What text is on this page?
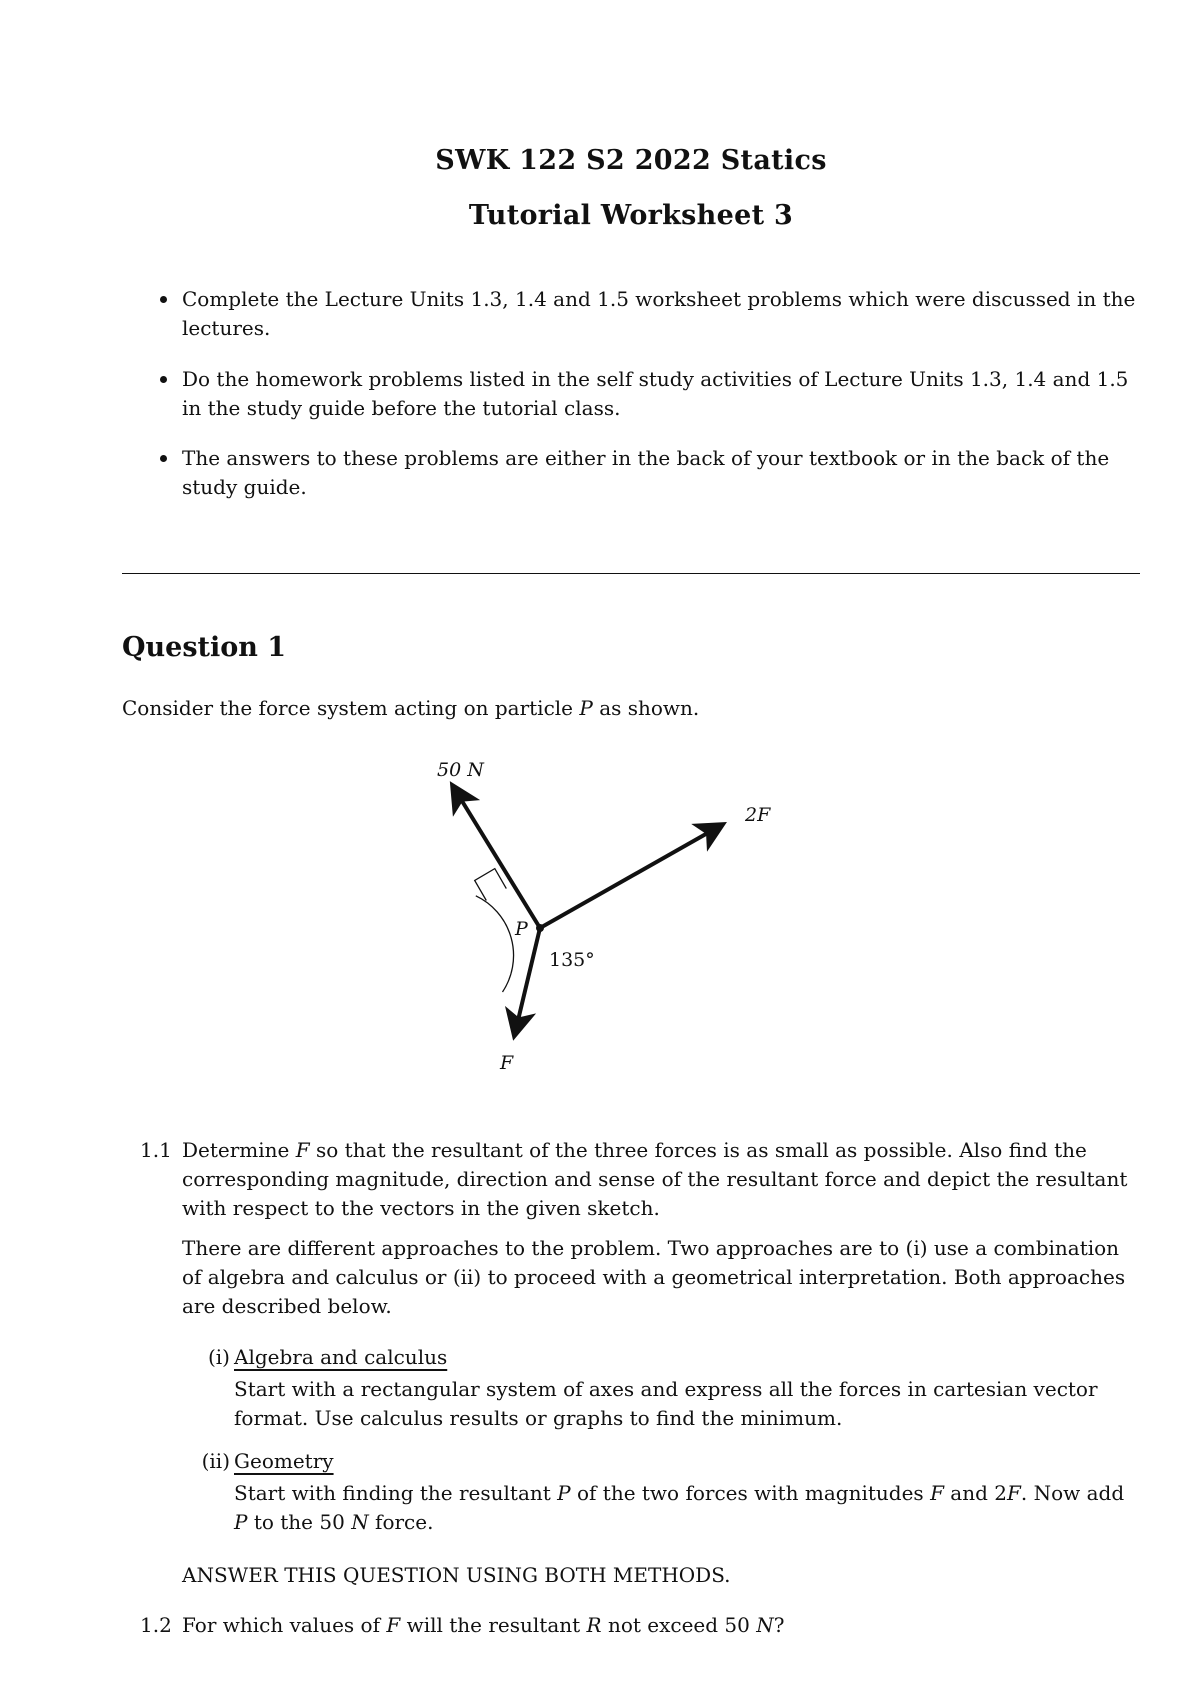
SWK 122 S2 2022 Statics
Tutorial Worksheet 3
Complete the Lecture Units 1.3, 1.4 and 1.5 worksheet problems which were discussed in the lectures.
Do the homework problems listed in the self study activities of Lecture Units 1.3, 1.4 and 1.5 in the study guide before the tutorial class.
The answers to these problems are either in the back of your textbook or in the back of the study guide.
Question 1
Consider the force system acting on particle P as shown.
50 N
2F
P
135°
F
1.1 Determine F so that the resultant of the three forces is as small as possible. Also find the corresponding magnitude, direction and sense of the resultant force and depict the resultant with respect to the vectors in the given sketch.
There are different approaches to the problem. Two approaches are to (i) use a combination of algebra and calculus or (ii) to proceed with a geometrical interpretation. Both approaches are described below.
(i) Algebra and calculus
Start with a rectangular system of axes and express all the forces in cartesian vector format. Use calculus results or graphs to find the minimum.
(ii) Geometry
Start with finding the resultant P of the two forces with magnitudes F and 2F. Now add P to the 50 N force.
ANSWER THIS QUESTION USING BOTH METHODS.
1.2 For which values of F will the resultant R not exceed 50 N?
